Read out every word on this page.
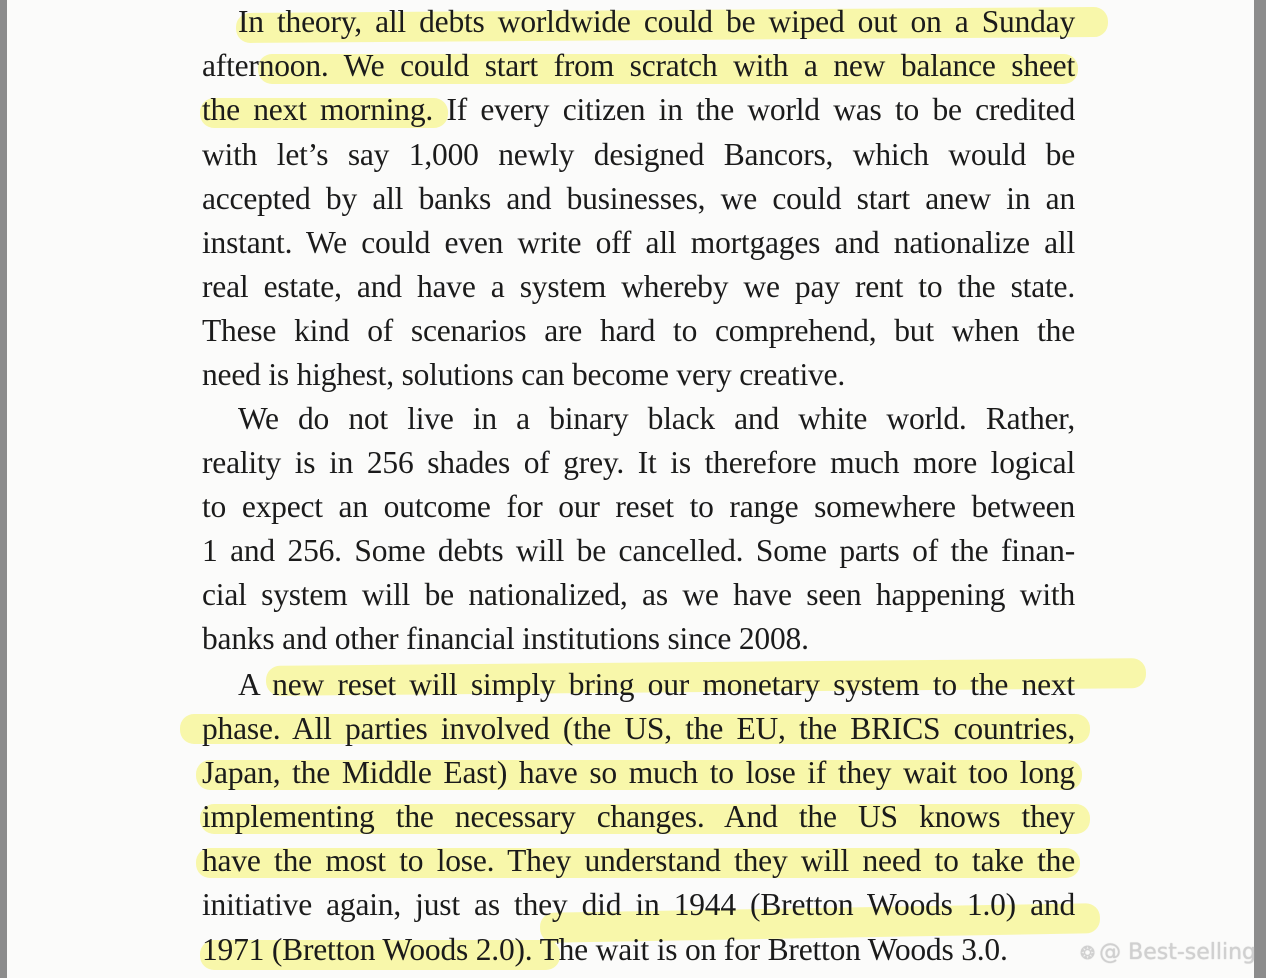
In theory, all debts worldwide could be wiped out on a Sunday
afternoon. We could start from scratch with a new balance sheet
the next morning. If every citizen in the world was to be credited
with let’s say 1,000 newly designed Bancors, which would be
accepted by all banks and businesses, we could start anew in an
instant. We could even write off all mortgages and nationalize all
real estate, and have a system whereby we pay rent to the state.
These kind of scenarios are hard to comprehend, but when the
need is highest, solutions can become very creative.
We do not live in a binary black and white world. Rather,
reality is in 256 shades of grey. It is therefore much more logical
to expect an outcome for our reset to range somewhere between
1 and 256. Some debts will be cancelled. Some parts of the finan-
cial system will be nationalized, as we have seen happening with
banks and other financial institutions since 2008.
A new reset will simply bring our monetary system to the next
phase. All parties involved (the US, the EU, the BRICS countries,
Japan, the Middle East) have so much to lose if they wait too long
implementing the necessary changes. And the US knows they
have the most to lose. They understand they will need to take the
initiative again, just as they did in 1944 (Bretton Woods 1.0) and
1971 (Bretton Woods 2.0). The wait is on for Bretton Woods 3.0.	❂ @ Best-selling
